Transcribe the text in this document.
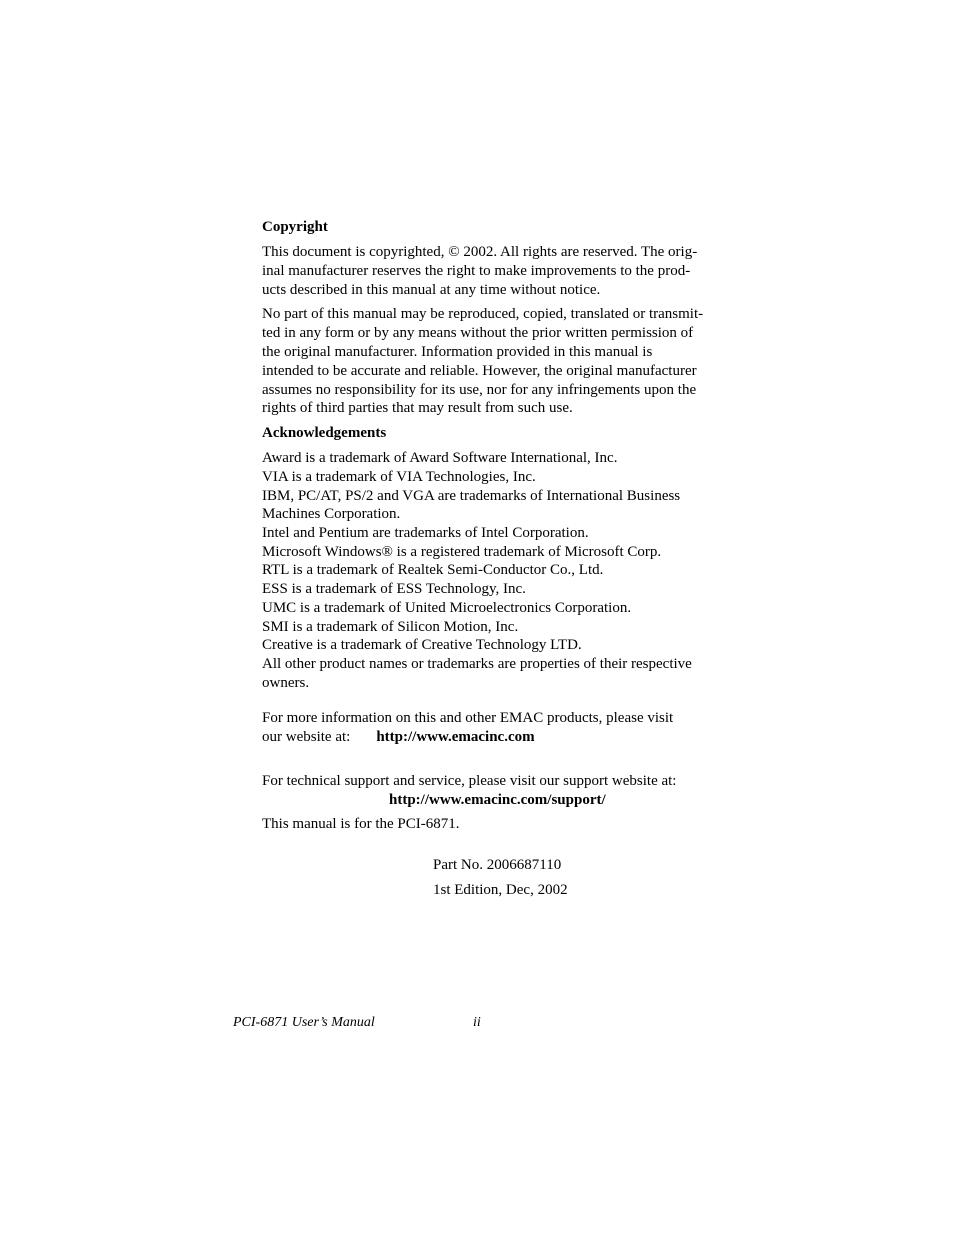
Copyright
This document is copyrighted, © 2002. All rights are reserved. The orig-
inal manufacturer reserves the right to make improvements to the prod-
ucts described in this manual at any time without notice.
No part of this manual may be reproduced, copied, translated or transmit-
ted in any form or by any means without the prior written permission of
the original manufacturer. Information provided in this manual is
intended to be accurate and reliable. However, the original manufacturer
assumes no responsibility for its use, nor for any infringements upon the
rights of third parties that may result from such use.
Acknowledgements
Award is a trademark of Award Software International, Inc.
VIA is a trademark of VIA Technologies, Inc.
IBM, PC/AT, PS/2 and VGA are trademarks of International Business
Machines Corporation.
Intel and Pentium are trademarks of Intel Corporation.
Microsoft Windows® is a registered trademark of Microsoft Corp.
RTL is a trademark of Realtek Semi-Conductor Co., Ltd.
ESS is a trademark of ESS Technology, Inc.
UMC is a trademark of United Microelectronics Corporation.
SMI is a trademark of Silicon Motion, Inc.
Creative is a trademark of Creative Technology LTD.
All other product names or trademarks are properties of their respective
owners.
For more information on this and other EMAC products, please visit
our website at: http://www.emacinc.com
For technical support and service, please visit our support website at:
http://www.emacinc.com/support/
This manual is for the PCI-6871.
Part No. 2006687110
1st Edition, Dec, 2002
PCI-6871 User’s Manual	ii
